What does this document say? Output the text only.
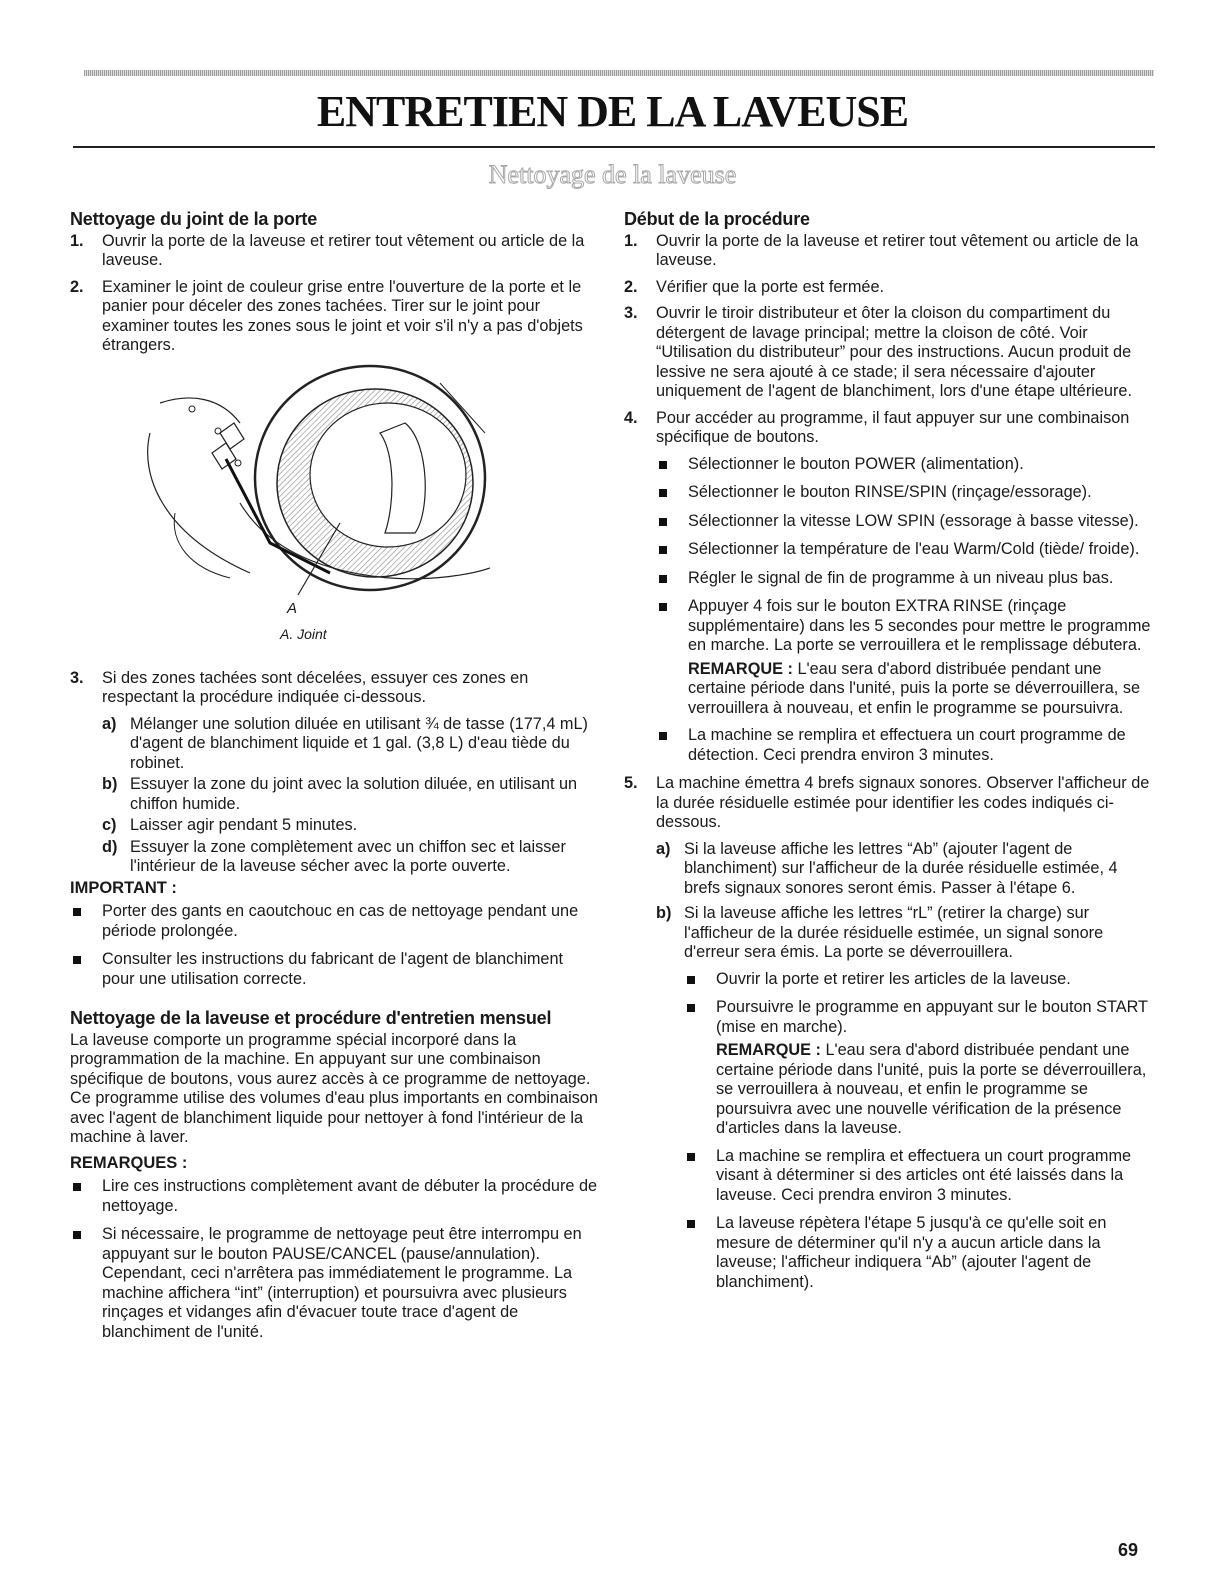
ENTRETIEN DE LA LAVEUSE
Nettoyage de la laveuse
Nettoyage du joint de la porte
1. Ouvrir la porte de la laveuse et retirer tout vêtement ou article de la laveuse.

2. Examiner le joint de couleur grise entre l'ouverture de la porte et le panier pour déceler des zones tachées. Tirer sur le joint pour examiner toutes les zones sous le joint et voir s'il n'y a pas d'objets étrangers.

A
A. Joint
3. Si des zones tachées sont décelées, essuyer ces zones en respectant la procédure indiquée ci-dessous.

a) Mélanger une solution diluée en utilisant ¾ de tasse (177,4 mL) d'agent de blanchiment liquide et 1 gal. (3,8 L) d'eau tiède du robinet.

b) Essuyer la zone du joint avec la solution diluée, en utilisant un chiffon humide.

c) Laisser agir pendant 5 minutes.

d) Essuyer la zone complètement avec un chiffon sec et laisser l'intérieur de la laveuse sécher avec la porte ouverte.

IMPORTANT :

Porter des gants en caoutchouc en cas de nettoyage pendant une période prolongée.

Consulter les instructions du fabricant de l'agent de blanchiment pour une utilisation correcte.

Nettoyage de la laveuse et procédure d'entretien mensuel

La laveuse comporte un programme spécial incorporé dans la programmation de la machine. En appuyant sur une combinaison spécifique de boutons, vous aurez accès à ce programme de nettoyage. Ce programme utilise des volumes d'eau plus importants en combinaison avec l'agent de blanchiment liquide pour nettoyer à fond l'intérieur de la machine à laver.

REMARQUES :

Lire ces instructions complètement avant de débuter la procédure de nettoyage.

Si nécessaire, le programme de nettoyage peut être interrompu en appuyant sur le bouton PAUSE/CANCEL (pause/annulation). Cependant, ceci n'arrêtera pas immédiatement le programme. La machine affichera “int” (interruption) et poursuivra avec plusieurs rinçages et vidanges afin d'évacuer toute trace d'agent de blanchiment de l'unité.

Début de la procédure
1. Ouvrir la porte de la laveuse et retirer tout vêtement ou article de la laveuse.

2. Vérifier que la porte est fermée.

3. Ouvrir le tiroir distributeur et ôter la cloison du compartiment du détergent de lavage principal; mettre la cloison de côté. Voir “Utilisation du distributeur” pour des instructions. Aucun produit de lessive ne sera ajouté à ce stade; il sera nécessaire d'ajouter uniquement de l'agent de blanchiment, lors d'une étape ultérieure.

4. Pour accéder au programme, il faut appuyer sur une combinaison spécifique de boutons.

Sélectionner le bouton POWER (alimentation).

Sélectionner le bouton RINSE/SPIN (rinçage/essorage).

Sélectionner la vitesse LOW SPIN (essorage à basse vitesse).

Sélectionner la température de l'eau Warm/Cold (tiède/ froide).

Régler le signal de fin de programme à un niveau plus bas.

Appuyer 4 fois sur le bouton EXTRA RINSE (rinçage supplémentaire) dans les 5 secondes pour mettre le programme en marche. La porte se verrouillera et le remplissage débutera.

REMARQUE : L'eau sera d'abord distribuée pendant une certaine période dans l'unité, puis la porte se déverrouillera, se verrouillera à nouveau, et enfin le programme se poursuivra.

La machine se remplira et effectuera un court programme de détection. Ceci prendra environ 3 minutes.

5. La machine émettra 4 brefs signaux sonores. Observer l'afficheur de la durée résiduelle estimée pour identifier les codes indiqués ci-dessous.

a) Si la laveuse affiche les lettres “Ab” (ajouter l'agent de blanchiment) sur l'afficheur de la durée résiduelle estimée, 4 brefs signaux sonores seront émis. Passer à l'étape 6.

b) Si la laveuse affiche les lettres “rL” (retirer la charge) sur l'afficheur de la durée résiduelle estimée, un signal sonore d'erreur sera émis. La porte se déverrouillera.

Ouvrir la porte et retirer les articles de la laveuse.

Poursuivre le programme en appuyant sur le bouton START (mise en marche).

REMARQUE : L'eau sera d'abord distribuée pendant une certaine période dans l'unité, puis la porte se déverrouillera, se verrouillera à nouveau, et enfin le programme se poursuivra avec une nouvelle vérification de la présence d'articles dans la laveuse.

La machine se remplira et effectuera un court programme visant à déterminer si des articles ont été laissés dans la laveuse. Ceci prendra environ 3 minutes.

La laveuse répètera l'étape 5 jusqu'à ce qu'elle soit en mesure de déterminer qu'il n'y a aucun article dans la laveuse; l'afficheur indiquera “Ab” (ajouter l'agent de blanchiment).

69
